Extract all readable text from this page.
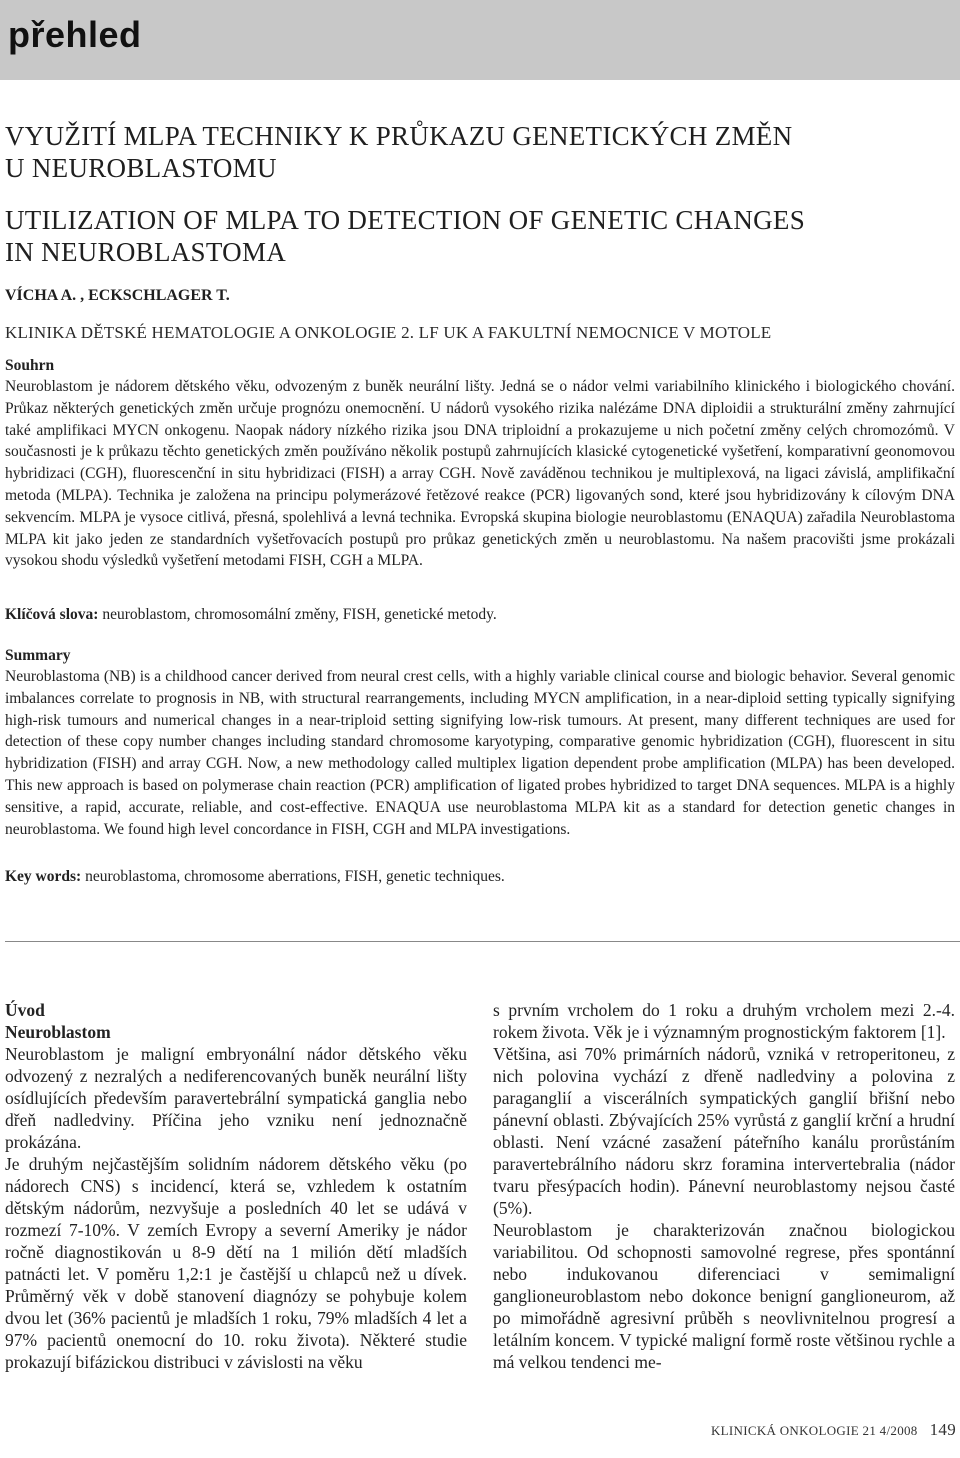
přehled
VYUŽITÍ MLPA TECHNIKY K PRŮKAZU GENETICKÝCH ZMĚN
U NEUROBLASTOMU
UTILIZATION OF MLPA TO DETECTION OF GENETIC CHANGES
IN NEUROBLASTOMA
VÍCHA A. , ECKSCHLAGER T.
KLINIKA DĚTSKÉ HEMATOLOGIE A ONKOLOGIE 2. LF UK A FAKULTNÍ NEMOCNICE V MOTOLE
Souhrn

Neuroblastom je nádorem dětského věku, odvozeným z buněk neurální lišty. Jedná se o nádor velmi variabilního klinického i biologického chování. Průkaz některých genetických změn určuje prognózu onemocnění. U nádorů vysokého rizika nalézáme DNA diploidii a strukturální změny zahrnující také amplifikaci MYCN onkogenu. Naopak nádory nízkého rizika jsou DNA triploidní a prokazujeme u nich početní změny celých chromozómů. V současnosti je k průkazu těchto genetických změn používáno několik postupů zahrnujících klasické cytogenetické vyšetření, komparativní geonomovou hybridizaci (CGH), fluorescenční in situ hybridizaci (FISH) a array CGH. Nově zaváděnou technikou je multiplexová, na ligaci závislá, amplifikační metoda (MLPA). Technika je založena na principu polymerázové řetězové reakce (PCR) ligovaných sond, které jsou hybridizovány k cílovým DNA sekvencím. MLPA je vysoce citlivá, přesná, spolehlivá a levná technika. Evropská skupina biologie neuroblastomu (ENAQUA) zařadila Neuroblastoma MLPA kit jako jeden ze standardních vyšetřovacích postupů pro průkaz genetických změn u neuroblastomu. Na našem pracovišti jsme prokázali vysokou shodu výsledků vyšetření metodami FISH, CGH a MLPA.

Klíčová slova: neuroblastom, chromosomální změny, FISH, genetické metody.
Summary

Neuroblastoma (NB) is a childhood cancer derived from neural crest cells, with a highly variable clinical course and biologic behavior. Several genomic imbalances correlate to prognosis in NB, with structural rearrangements, including MYCN amplification, in a near-diploid setting typically signifying high-risk tumours and numerical changes in a near-triploid setting signifying low-risk tumours. At present, many different techniques are used for detection of these copy number changes including standard chromosome karyotyping, comparative genomic hybridization (CGH), fluorescent in situ hybridization (FISH) and array CGH. Now, a new methodology called multiplex ligation dependent probe amplification (MLPA) has been developed. This new approach is based on polymerase chain reaction (PCR) amplification of ligated probes hybridized to target DNA sequences. MLPA is a highly sensitive, a rapid, accurate, reliable, and cost-effective. ENAQUA use neuroblastoma MLPA kit as a standard for detection genetic changes in neuroblastoma. We found high level concordance in FISH, CGH and MLPA investigations.

Key words: neuroblastoma, chromosome aberrations, FISH, genetic techniques.
Úvod
Neuroblastom

Neuroblastom je maligní embryonální nádor dětského věku odvozený z nezralých a nediferencovaných buněk neurální lišty osídlujících především paravertebrální sympatická ganglia nebo dřeň nadledviny. Příčina jeho vzniku není jednoznačně prokázána.

Je druhým nejčastějším solidním nádorem dětského věku (po nádorech CNS) s incidencí, která se, vzhledem k ostatním dětským nádorům, nezvyšuje a posledních 40 let se udává v rozmezí 7-10%. V zemích Evropy a severní Ameriky je nádor ročně diagnostikován u 8-9 dětí na 1 milión dětí mladších patnácti let. V poměru 1,2:1 je častější u chlapců než u dívek. Průměrný věk v době stanovení diagnózy se pohybuje kolem dvou let (36% pacientů je mladších 1 roku, 79% mladších 4 let a 97% pacientů onemocní do 10. roku života). Některé studie prokazují bifázickou distribuci v závislosti na věku

s prvním vrcholem do 1 roku a druhým vrcholem mezi 2.-4. rokem života. Věk je i významným prognostickým faktorem [1].

Většina, asi 70% primárních nádorů, vzniká v retroperitoneu, z nich polovina vychází z dřeně nadledviny a polovina z paraganglií a viscerálních sympatických ganglií břišní nebo pánevní oblasti. Zbývajících 25% vyrůstá z ganglií krční a hrudní oblasti. Není vzácné zasažení páteřního kanálu prorůstáním paravertebrálního nádoru skrz foramina intervertebralia (nádor tvaru přesýpacích hodin). Pánevní neuroblastomy nejsou časté (5%).

Neuroblastom je charakterizován značnou biologickou variabilitou. Od schopnosti samovolné regrese, přes spontánní nebo indukovanou diferenciaci v semimaligní ganglioneuroblastom nebo dokonce benigní ganglioneurom, až po mimořádně agresivní průběh s neovlivnitelnou progresí a letálním koncem. V typické maligní formě roste většinou rychle a má velkou tendenci me-

KLINICKÁ ONKOLOGIE 21 4/2008 149
